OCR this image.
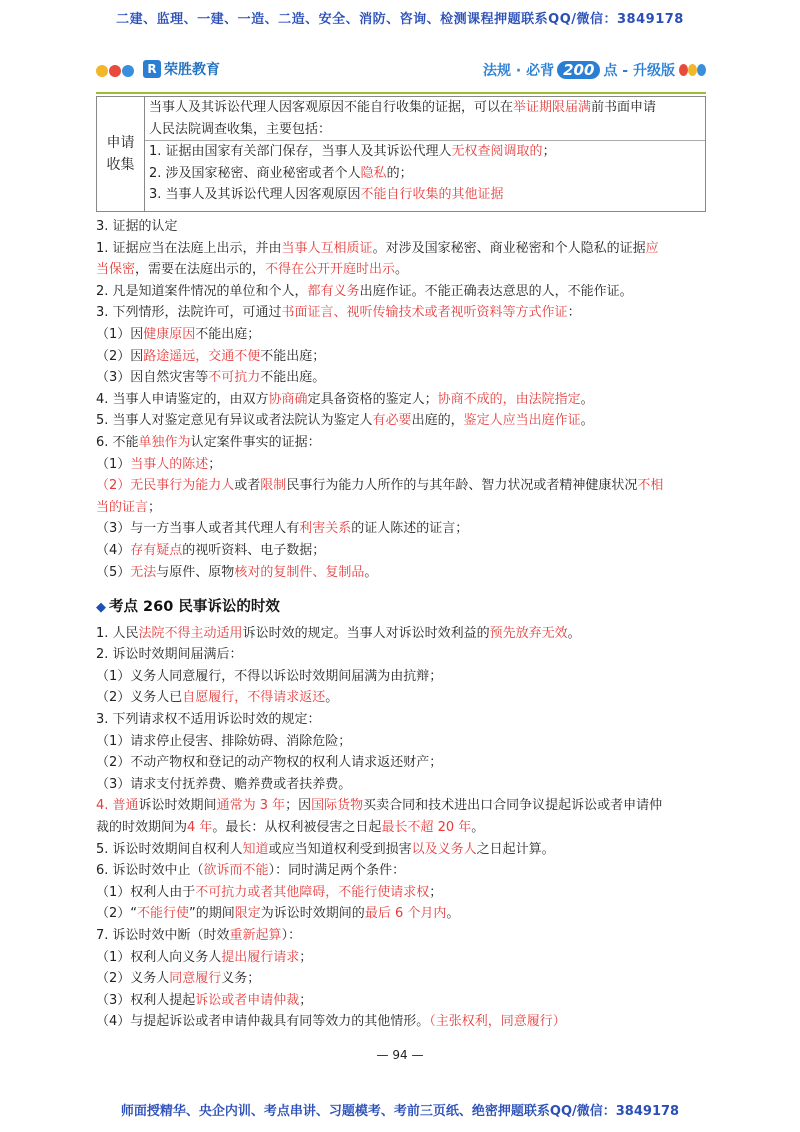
二建、监理、一建、一造、二造、安全、消防、咨询、检测课程押题联系QQ/微信：3849178
R 荣胜教育	法规 · 必背 200 点 - 升级版
申请收集
当事人及其诉讼代理人因客观原因不能自行收集的证据，可以在举证期限届满前书面申请
人民法院调查收集，主要包括：
1. 证据由国家有关部门保存，当事人及其诉讼代理人无权查阅调取的；
2. 涉及国家秘密、商业秘密或者个人隐私的；
3. 当事人及其诉讼代理人因客观原因不能自行收集的其他证据
3. 证据的认定
1. 证据应当在法庭上出示，并由当事人互相质证。对涉及国家秘密、商业秘密和个人隐私的证据应
当保密，需要在法庭出示的，不得在公开开庭时出示。
2. 凡是知道案件情况的单位和个人，都有义务出庭作证。不能正确表达意思的人，不能作证。
3. 下列情形，法院许可，可通过书面证言、视听传输技术或者视听资料等方式作证：
（1）因健康原因不能出庭；
（2）因路途遥远，交通不便不能出庭；
（3）因自然灾害等不可抗力不能出庭。
4. 当事人申请鉴定的，由双方协商确定具备资格的鉴定人；协商不成的，由法院指定。
5. 当事人对鉴定意见有异议或者法院认为鉴定人有必要出庭的，鉴定人应当出庭作证。
6. 不能单独作为认定案件事实的证据：
（1）当事人的陈述；
（2）无民事行为能力人或者限制民事行为能力人所作的与其年龄、智力状况或者精神健康状况不相
当的证言；
（3）与一方当事人或者其代理人有利害关系的证人陈述的证言；
（4）存有疑点的视听资料、电子数据；
（5）无法与原件、原物核对的复制件、复制品。
◆ 考点 260 民事诉讼的时效
1. 人民法院不得主动适用诉讼时效的规定。当事人对诉讼时效利益的预先放弃无效。
2. 诉讼时效期间届满后：
（1）义务人同意履行，不得以诉讼时效期间届满为由抗辩；
（2）义务人已自愿履行，不得请求返还。
3. 下列请求权不适用诉讼时效的规定：
（1）请求停止侵害、排除妨碍、消除危险；
（2）不动产物权和登记的动产物权的权利人请求返还财产；
（3）请求支付抚养费、赡养费或者扶养费。
4. 普通诉讼时效期间通常为 3 年；因国际货物买卖合同和技术进出口合同争议提起诉讼或者申请仲
裁的时效期间为4 年。最长：从权利被侵害之日起最长不超 20 年。
5. 诉讼时效期间自权利人知道或应当知道权利受到损害以及义务人之日起计算。
6. 诉讼时效中止（欲诉而不能）：同时满足两个条件：
（1）权利人由于不可抗力或者其他障碍，不能行使请求权；
（2）“不能行使”的期间限定为诉讼时效期间的最后 6 个月内。
7. 诉讼时效中断（时效重新起算）：
（1）权利人向义务人提出履行请求；
（2）义务人同意履行义务；
（3）权利人提起诉讼或者申请仲裁；
（4）与提起诉讼或者申请仲裁具有同等效力的其他情形。（主张权利，同意履行）
— 94 —
师面授精华、央企内训、考点串讲、习题模考、考前三页纸、绝密押题联系QQ/微信：3849178
